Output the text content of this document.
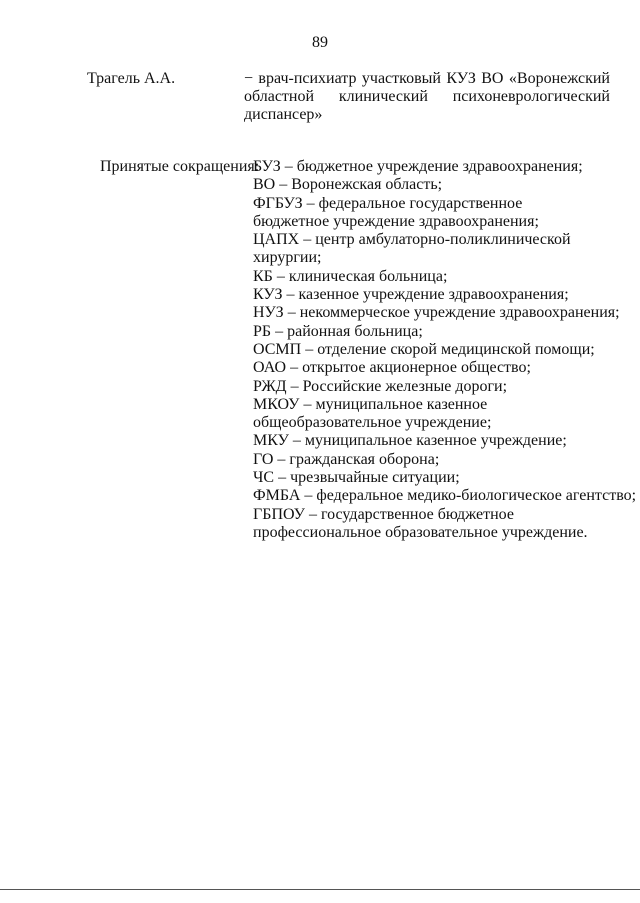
89
Трагель А.А.	− врач-психиатр участковый КУЗ ВО «Воронежский
областной клинический психоневрологический
диспансер»
Принятые сокращения:
БУЗ – бюджетное учреждение здравоохранения;
ВО – Воронежская область;
ФГБУЗ – федеральное государственное
бюджетное учреждение здравоохранения;
ЦАПХ – центр амбулаторно-поликлинической
хирургии;
КБ – клиническая больница;
КУЗ – казенное учреждение здравоохранения;
НУЗ – некоммерческое учреждение здравоохранения;
РБ – районная больница;
ОСМП – отделение скорой медицинской помощи;
ОАО – открытое акционерное общество;
РЖД – Российские железные дороги;
МКОУ – муниципальное казенное
общеобразовательное учреждение;
МКУ – муниципальное казенное учреждение;
ГО – гражданская оборона;
ЧС – чрезвычайные ситуации;
ФМБА – федеральное медико-биологическое агентство;
ГБПОУ – государственное бюджетное
профессиональное образовательное учреждение.
